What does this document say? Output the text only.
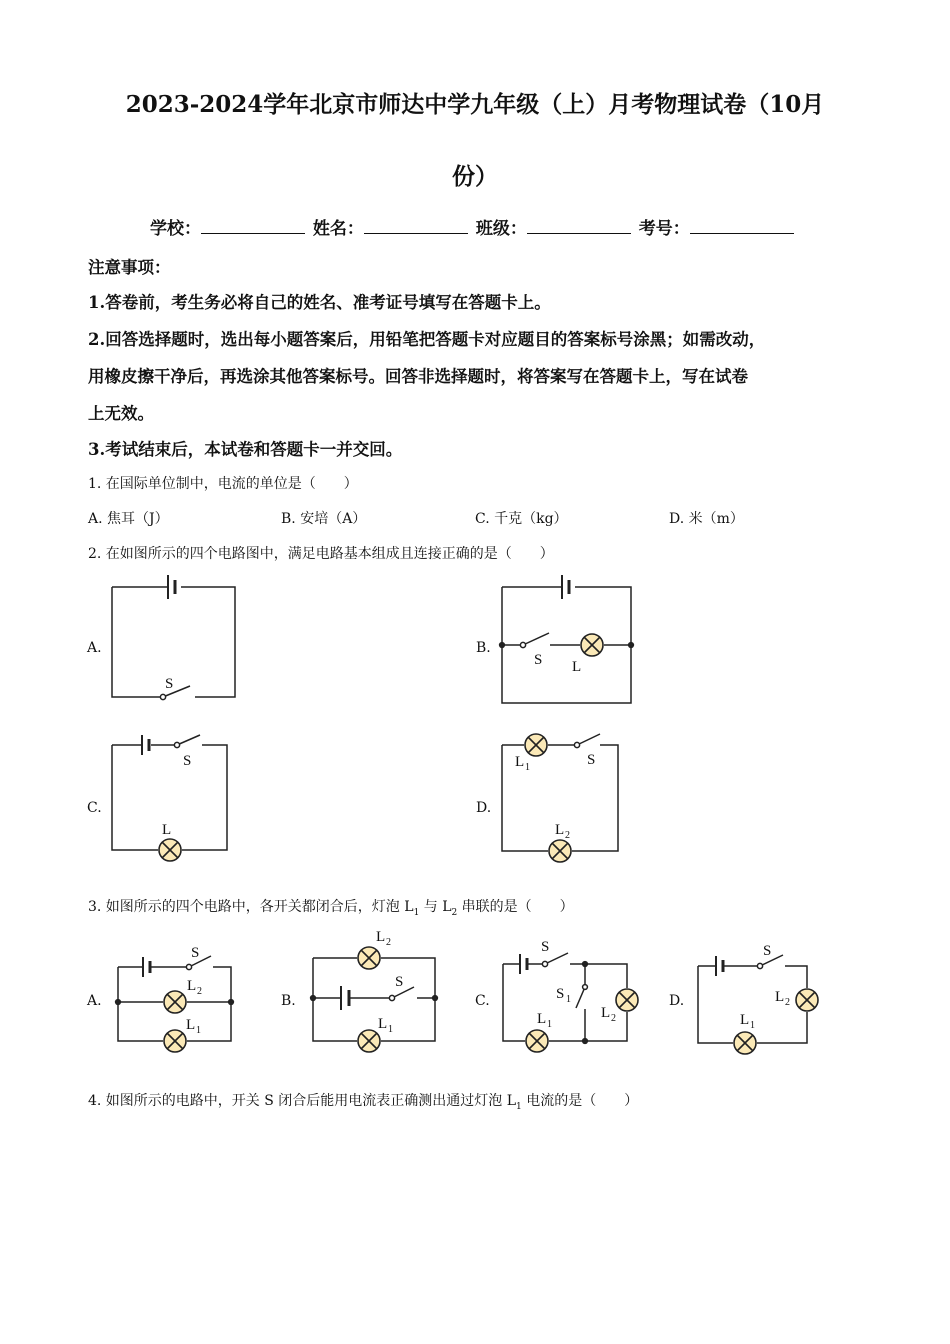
2023-2024学年北京市师达中学九年级（上）月考物理试卷（10月
份）
学校：	姓名：	班级：	考号：
注意事项：
1.答卷前，考生务必将自己的姓名、准考证号填写在答题卡上。
2.回答选择题时，选出每小题答案后，用铅笔把答题卡对应题目的答案标号涂黑；如需改动，
用橡皮擦干净后，再选涂其他答案标号。回答非选择题时，将答案写在答题卡上，写在试卷
上无效。
3.考试结束后，本试卷和答题卡一并交回。
1. 在国际单位制中，电流的单位是（　　）
A. 焦耳（J）	B. 安培（A）	C. 千克（kg）	D. 米（m）
2. 在如图所示的四个电路图中，满足电路基本组成且连接正确的是（　　）
A.	B.
C.	D.
S
S L
S
L
L 1	S
L 2
S
L 2
L 1
L 2
S
L 1
S
S 1
L 1
L 2
S
L 2
L 1
3. 如图所示的四个电路中，各开关都闭合后，灯泡 $L_1$ 与 $L_2$ 串联的是（　　）
A.	B.	C.	D.
4. 如图所示的电路中，开关 S 闭合后能用电流表正确测出通过灯泡 $L_1$ 电流的是（　　）
